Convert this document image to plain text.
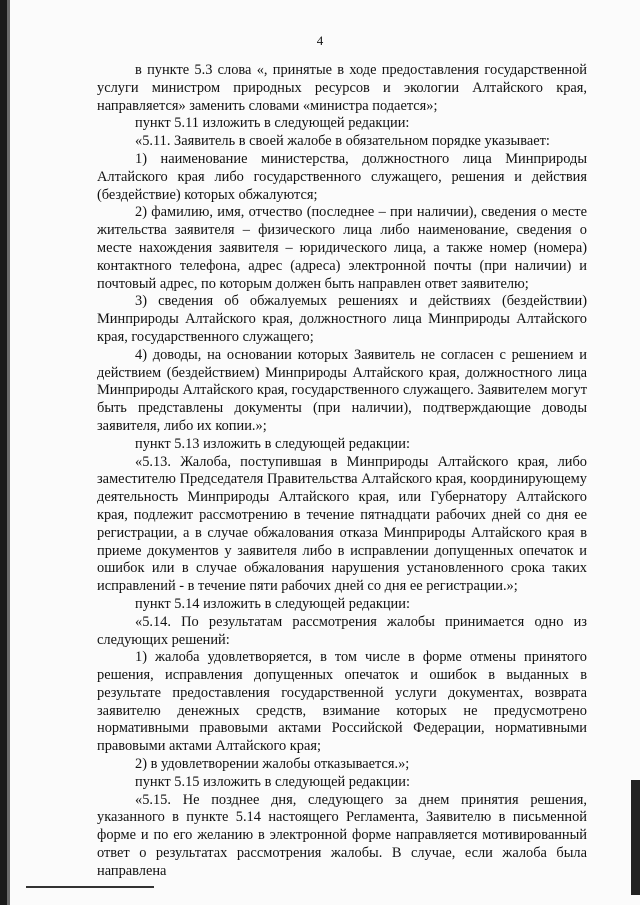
4

в пункте 5.3 слова «, принятые в ходе предоставления государственной услуги министром природных ресурсов и экологии Алтайского края, направляется» заменить словами «министра подается»;

пункт 5.11 изложить в следующей редакции:

«5.11. Заявитель в своей жалобе в обязательном порядке указывает:

1) наименование министерства, должностного лица Минприроды Алтайского края либо государственного служащего, решения и действия (бездействие) которых обжалуются;

2) фамилию, имя, отчество (последнее – при наличии), сведения о месте жительства заявителя – физического лица либо наименование, сведения о месте нахождения заявителя – юридического лица, а также номер (номера) контактного телефона, адрес (адреса) электронной почты (при наличии) и почтовый адрес, по которым должен быть направлен ответ заявителю;

3) сведения об обжалуемых решениях и действиях (бездействии) Минприроды Алтайского края, должностного лица Минприроды Алтайского края, государственного служащего;

4) доводы, на основании которых Заявитель не согласен с решением и действием (бездействием) Минприроды Алтайского края, должностного лица Минприроды Алтайского края, государственного служащего. Заявителем могут быть представлены документы (при наличии), подтверждающие доводы заявителя, либо их копии.»;

пункт 5.13 изложить в следующей редакции:

«5.13. Жалоба, поступившая в Минприроды Алтайского края, либо заместителю Председателя Правительства Алтайского края, координирующему деятельность Минприроды Алтайского края, или Губернатору Алтайского края, подлежит рассмотрению в течение пятнадцати рабочих дней со дня ее регистрации, а в случае обжалования отказа Минприроды Алтайского края в приеме документов у заявителя либо в исправлении допущенных опечаток и ошибок или в случае обжалования нарушения установленного срока таких исправлений - в течение пяти рабочих дней со дня ее регистрации.»;

пункт 5.14 изложить в следующей редакции:

«5.14. По результатам рассмотрения жалобы принимается одно из следующих решений:

1) жалоба удовлетворяется, в том числе в форме отмены принятого решения, исправления допущенных опечаток и ошибок в выданных в результате предоставления государственной услуги документах, возврата заявителю денежных средств, взимание которых не предусмотрено нормативными правовыми актами Российской Федерации, нормативными правовыми актами Алтайского края;

2) в удовлетворении жалобы отказывается.»;

пункт 5.15 изложить в следующей редакции:

«5.15. Не позднее дня, следующего за днем принятия решения, указанного в пункте 5.14 настоящего Регламента, Заявителю в письменной форме и по его желанию в электронной форме направляется мотивированный ответ о результатах рассмотрения жалобы. В случае, если жалоба была направлена
